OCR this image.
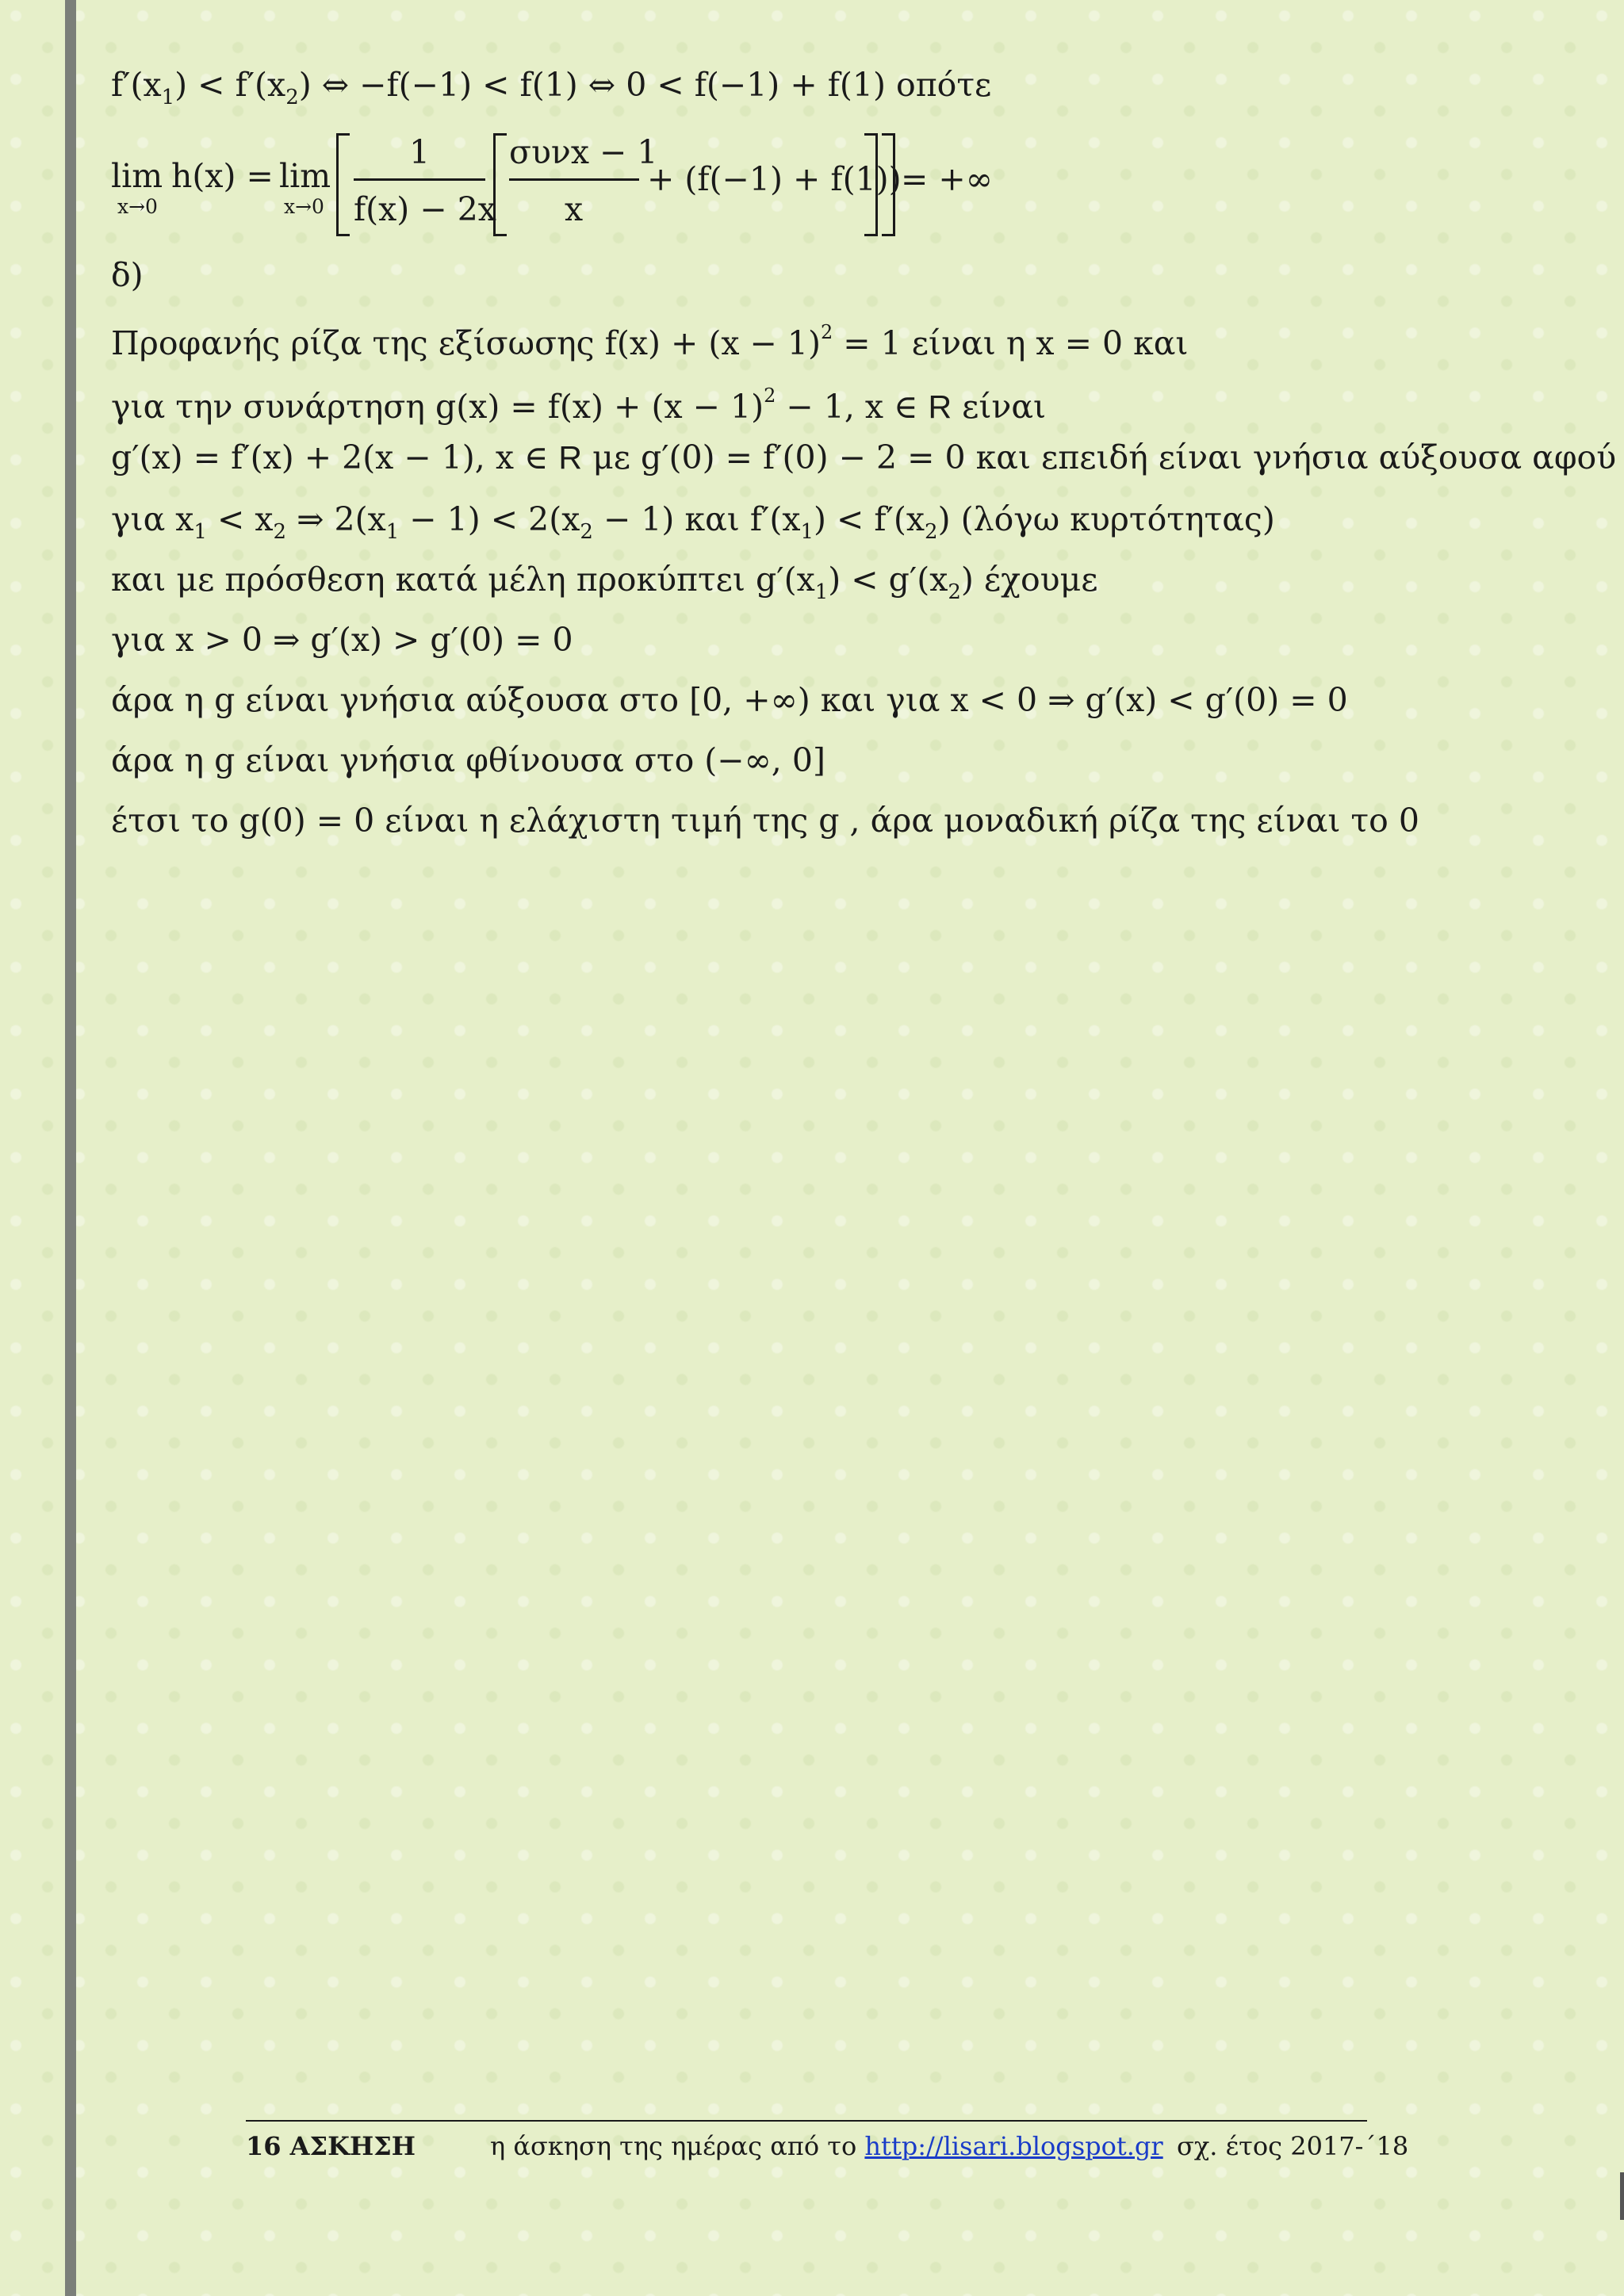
$f'(x_1) < f'(x_2)$ ⇔ −f(−1) < f(1) ⇔ 0 < f(−1) + f(1) οπότε
lim
x→0
h(x) = lim
x→0
1
f(x) − 2x
συνx − 1
x
+ (f(−1) + f(1)) = +∞
δ)
Προφανής ρίζα της εξίσωσης $f(x) + (x - 1)^2 = 1$ είναι η x = 0 και
για την συνάρτηση $g(x) = f(x) + (x - 1)^2 - 1$, x ∈ R είναι
g′(x) = f′(x) + 2(x − 1), x ∈ R με g′(0) = f′(0) − 2 = 0 και επειδή είναι γνήσια αύξουσα αφού
για $x_1 < x_2$ ⇒ $2(x_1 - 1) < 2(x_2 - 1)$ και $f'(x_1) < f'(x_2)$ (λόγω κυρτότητας)
και με πρόσθεση κατά μέλη προκύπτει $g'(x_1) < g'(x_2)$ έχουμε
για x > 0 ⇒ g′(x) > g′(0) = 0
άρα η g είναι γνήσια αύξουσα στο [0, +∞) και για x < 0 ⇒ g′(x) < g′(0) = 0
άρα η g είναι γνήσια φθίνουσα στο (−∞, 0]
έτσι το g(0) = 0 είναι η ελάχιστη τιμή της g , άρα μοναδική ρίζα της είναι το 0
16 ΑΣΚΗΣΗ	η άσκηση της ημέρας από το http://lisari.blogspot.gr σχ. έτος 2017-΄18
